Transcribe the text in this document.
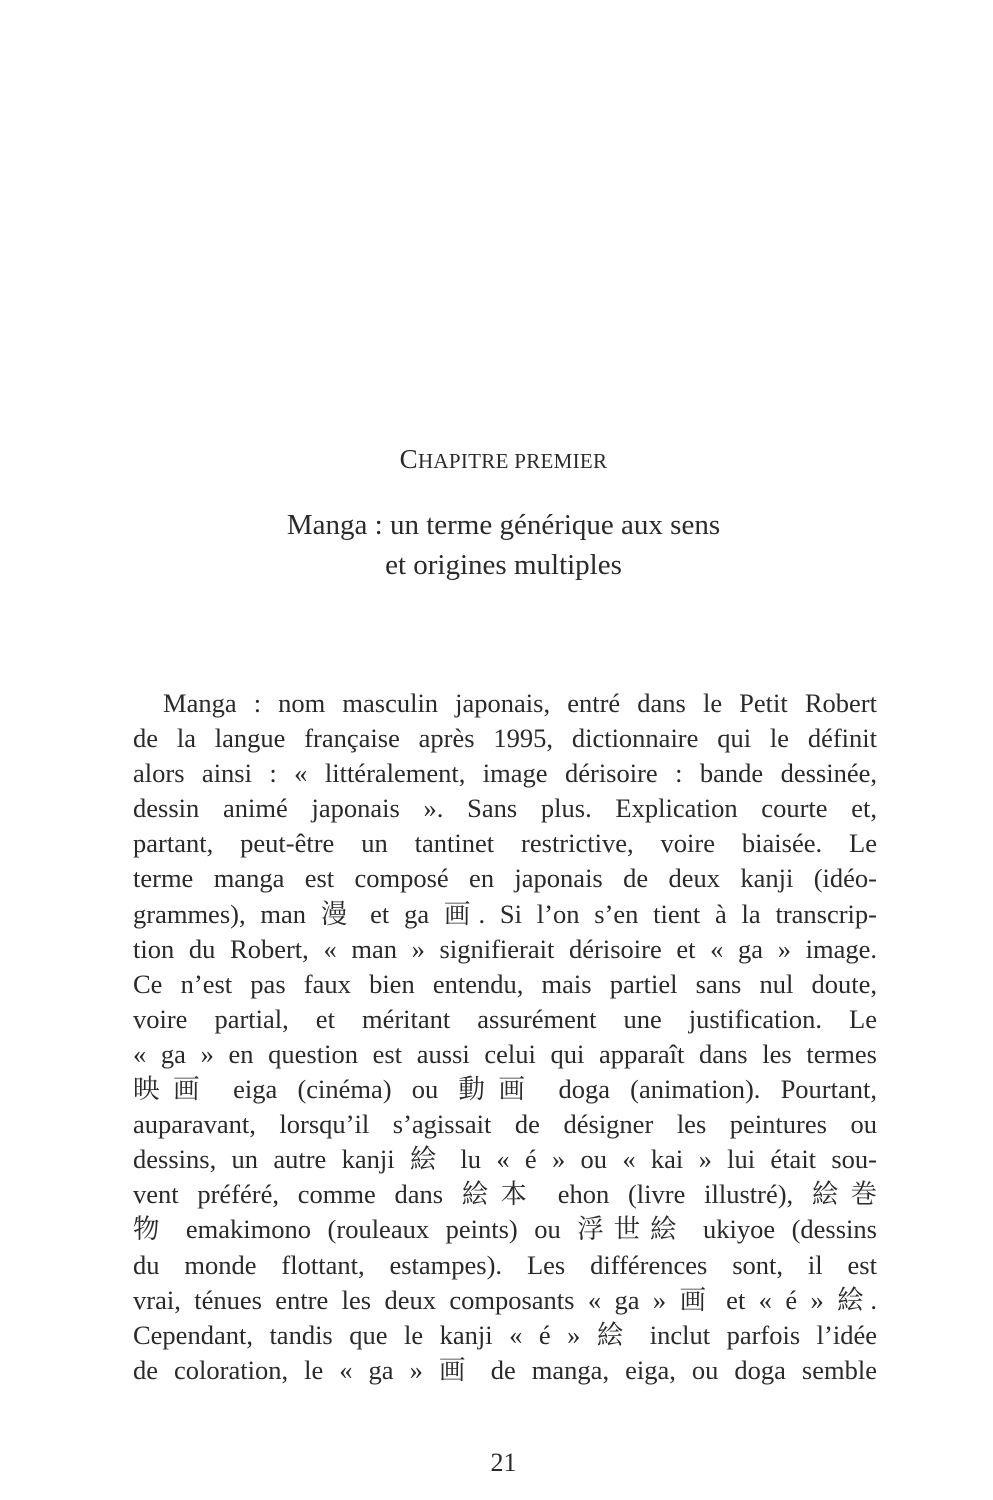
CHAPITRE PREMIER
Manga : un terme générique aux sens
et origines multiples
Manga : nom masculin japonais, entré dans le Petit Robert
de la langue française après 1995, dictionnaire qui le définit
alors ainsi : « littéralement, image dérisoire : bande dessinée,
dessin animé japonais ». Sans plus. Explication courte et,
partant, peut-être un tantinet restrictive, voire biaisée. Le
terme manga est composé en japonais de deux kanji (idéo-
grammes), man 漫 et ga 画. Si l’on s’en tient à la transcrip-
tion du Robert, « man » signifierait dérisoire et « ga » image.
Ce n’est pas faux bien entendu, mais partiel sans nul doute,
voire partial, et méritant assurément une justification. Le
« ga » en question est aussi celui qui apparaît dans les termes
映画 eiga (cinéma) ou 動画 doga (animation). Pourtant,
auparavant, lorsqu’il s’agissait de désigner les peintures ou
dessins, un autre kanji 絵 lu « é » ou « kai » lui était sou-
vent préféré, comme dans 絵本 ehon (livre illustré), 絵巻
物 emakimono (rouleaux peints) ou 浮世絵 ukiyoe (dessins
du monde flottant, estampes). Les différences sont, il est
vrai, ténues entre les deux composants « ga » 画 et « é » 絵.
Cependant, tandis que le kanji « é » 絵 inclut parfois l’idée
de coloration, le « ga » 画 de manga, eiga, ou doga semble
21
